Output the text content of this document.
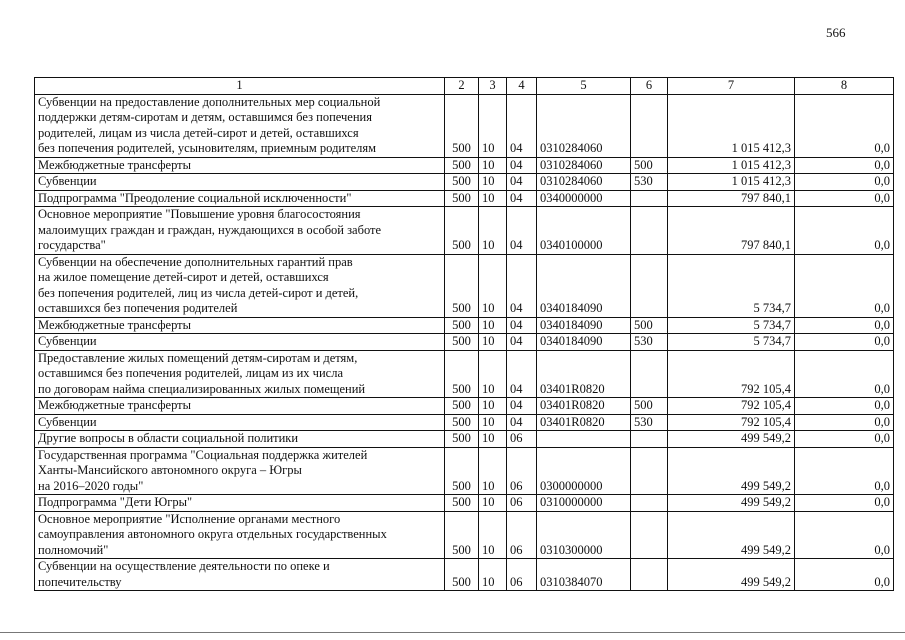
566
1	2	3	4	5	6	7	8

Субвенции на предоставление дополнительных мер социальной
поддержки детям-сиротам и детям, оставшимся без попечения
родителей, лицам из числа детей-сирот и детей, оставшихся
без попечения родителей, усыновителям, приемным родителям	500	10	04	0310284060		1 015 412,3	0,0

Межбюджетные трансферты	500	10	04	0310284060	500	1 015 412,3	0,0

Субвенции	500	10	04	0310284060	530	1 015 412,3	0,0

Подпрограмма "Преодоление социальной исключенности"	500	10	04	0340000000		797 840,1	0,0

Основное мероприятие "Повышение уровня благосостояния
малоимущих граждан и граждан, нуждающихся в особой заботе
государства"	500	10	04	0340100000		797 840,1	0,0

Субвенции на обеспечение дополнительных гарантий прав
на жилое помещение детей-сирот и детей, оставшихся
без попечения родителей, лиц из числа детей-сирот и детей,
оставшихся без попечения родителей	500	10	04	0340184090		5 734,7	0,0

Межбюджетные трансферты	500	10	04	0340184090	500	5 734,7	0,0

Субвенции	500	10	04	0340184090	530	5 734,7	0,0

Предоставление жилых помещений детям-сиротам и детям,
оставшимся без попечения родителей, лицам из их числа
по договорам найма специализированных жилых помещений	500	10	04	03401R0820		792 105,4	0,0

Межбюджетные трансферты	500	10	04	03401R0820	500	792 105,4	0,0

Субвенции	500	10	04	03401R0820	530	792 105,4	0,0

Другие вопросы в области социальной политики	500	10	06			499 549,2	0,0

Государственная программа "Социальная поддержка жителей
Ханты-Мансийского автономного округа – Югры
на 2016–2020 годы"	500	10	06	0300000000		499 549,2	0,0

Подпрограмма "Дети Югры"	500	10	06	0310000000		499 549,2	0,0

Основное мероприятие "Исполнение органами местного
самоуправления автономного округа отдельных государственных
полномочий"	500	10	06	0310300000		499 549,2	0,0

Субвенции на осуществление деятельности по опеке и
попечительству	500	10	06	0310384070		499 549,2	0,0
